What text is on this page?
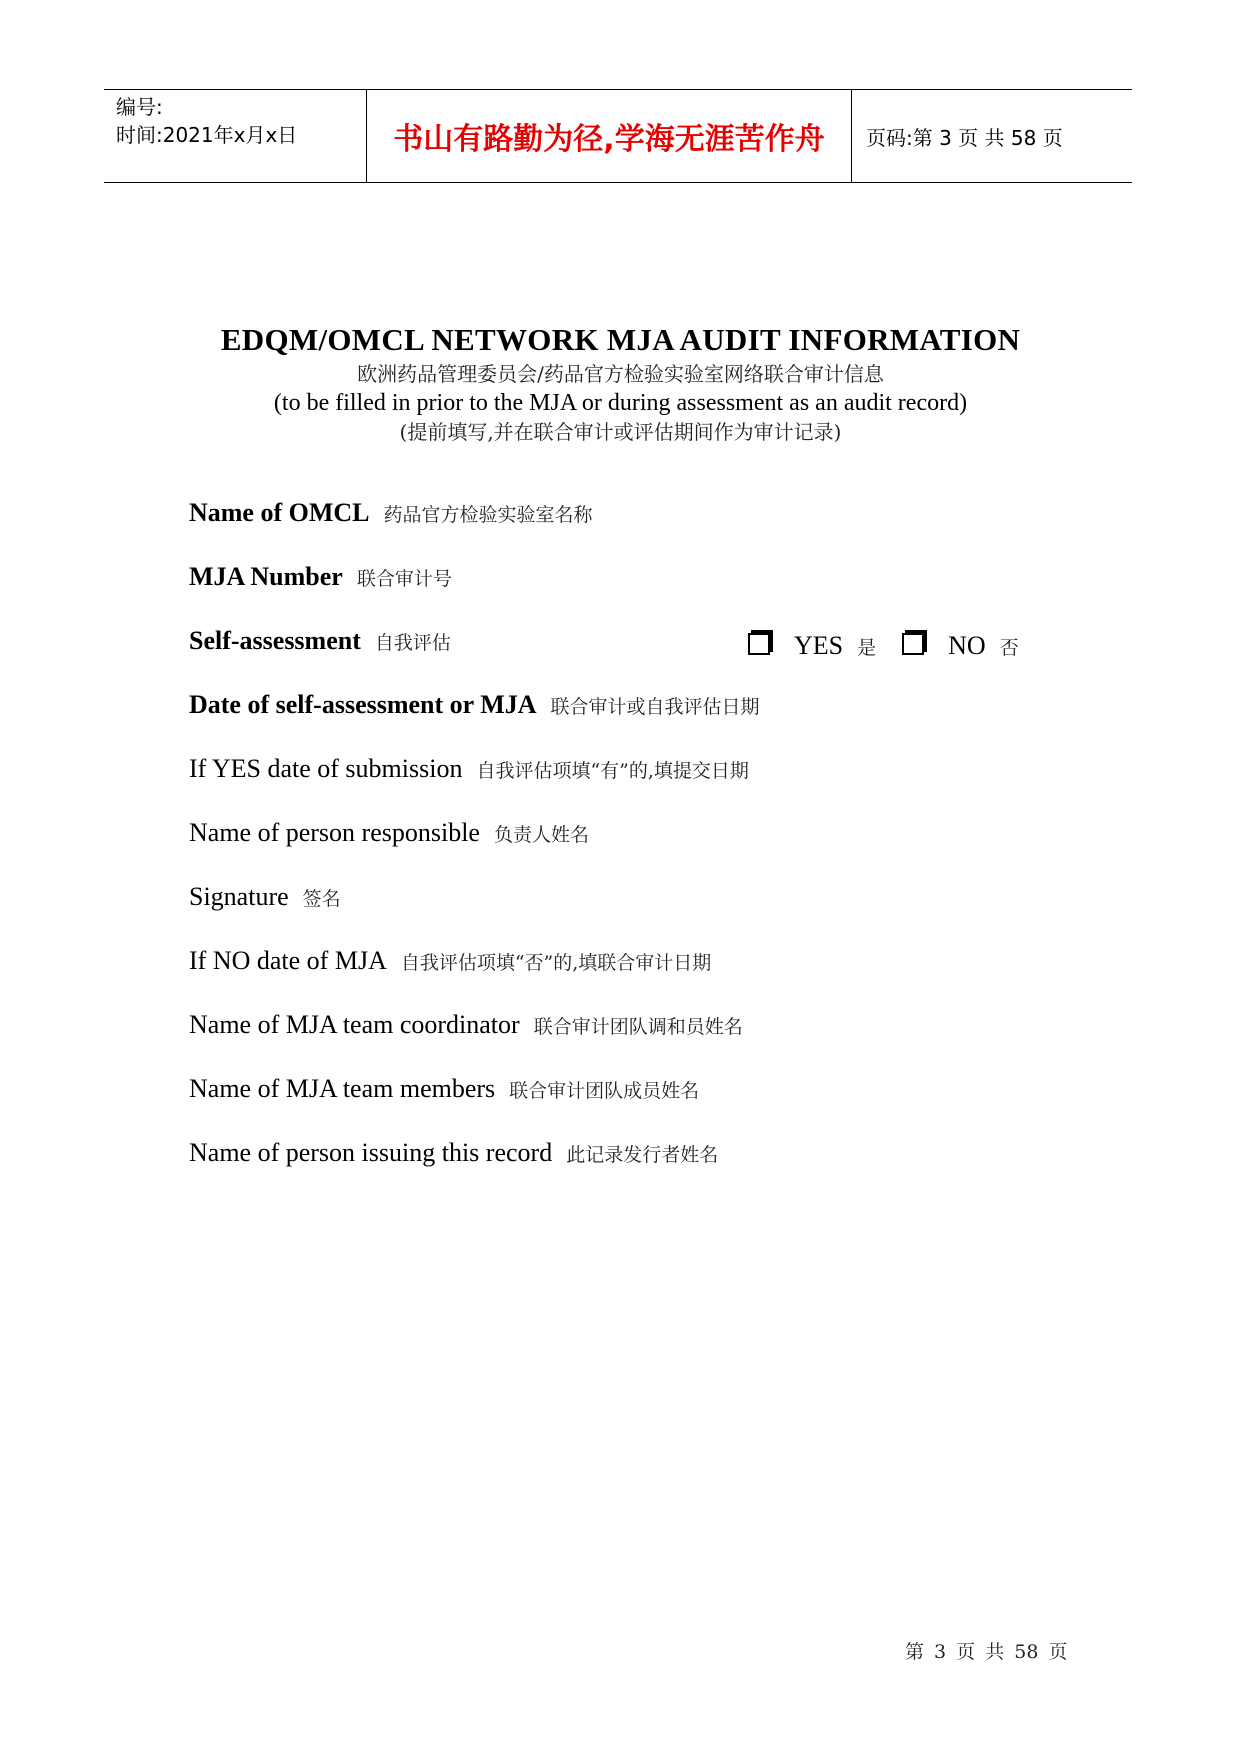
编号:
时间:2021年x月x日	书山有路勤为径,学海无涯苦作舟	页码:第 3 页 共 58 页
EDQM/OMCL NETWORK MJA AUDIT INFORMATION
欧洲药品管理委员会/药品官方检验实验室网络联合审计信息
(to be filled in prior to the MJA or during assessment as an audit record)
(提前填写,并在联合审计或评估期间作为审计记录)
Name of OMCL 药品官方检验实验室名称
MJA Number 联合审计号
Self-assessment 自我评估	YES 是	NO 否
Date of self-assessment or MJA 联合审计或自我评估日期
If YES date of submission 自我评估项填“有”的,填提交日期
Name of person responsible 负责人姓名
Signature 签名
If NO date of MJA 自我评估项填“否”的,填联合审计日期
Name of MJA team coordinator 联合审计团队调和员姓名
Name of MJA team members 联合审计团队成员姓名
Name of person issuing this record 此记录发行者姓名
第 3 页 共 58 页
